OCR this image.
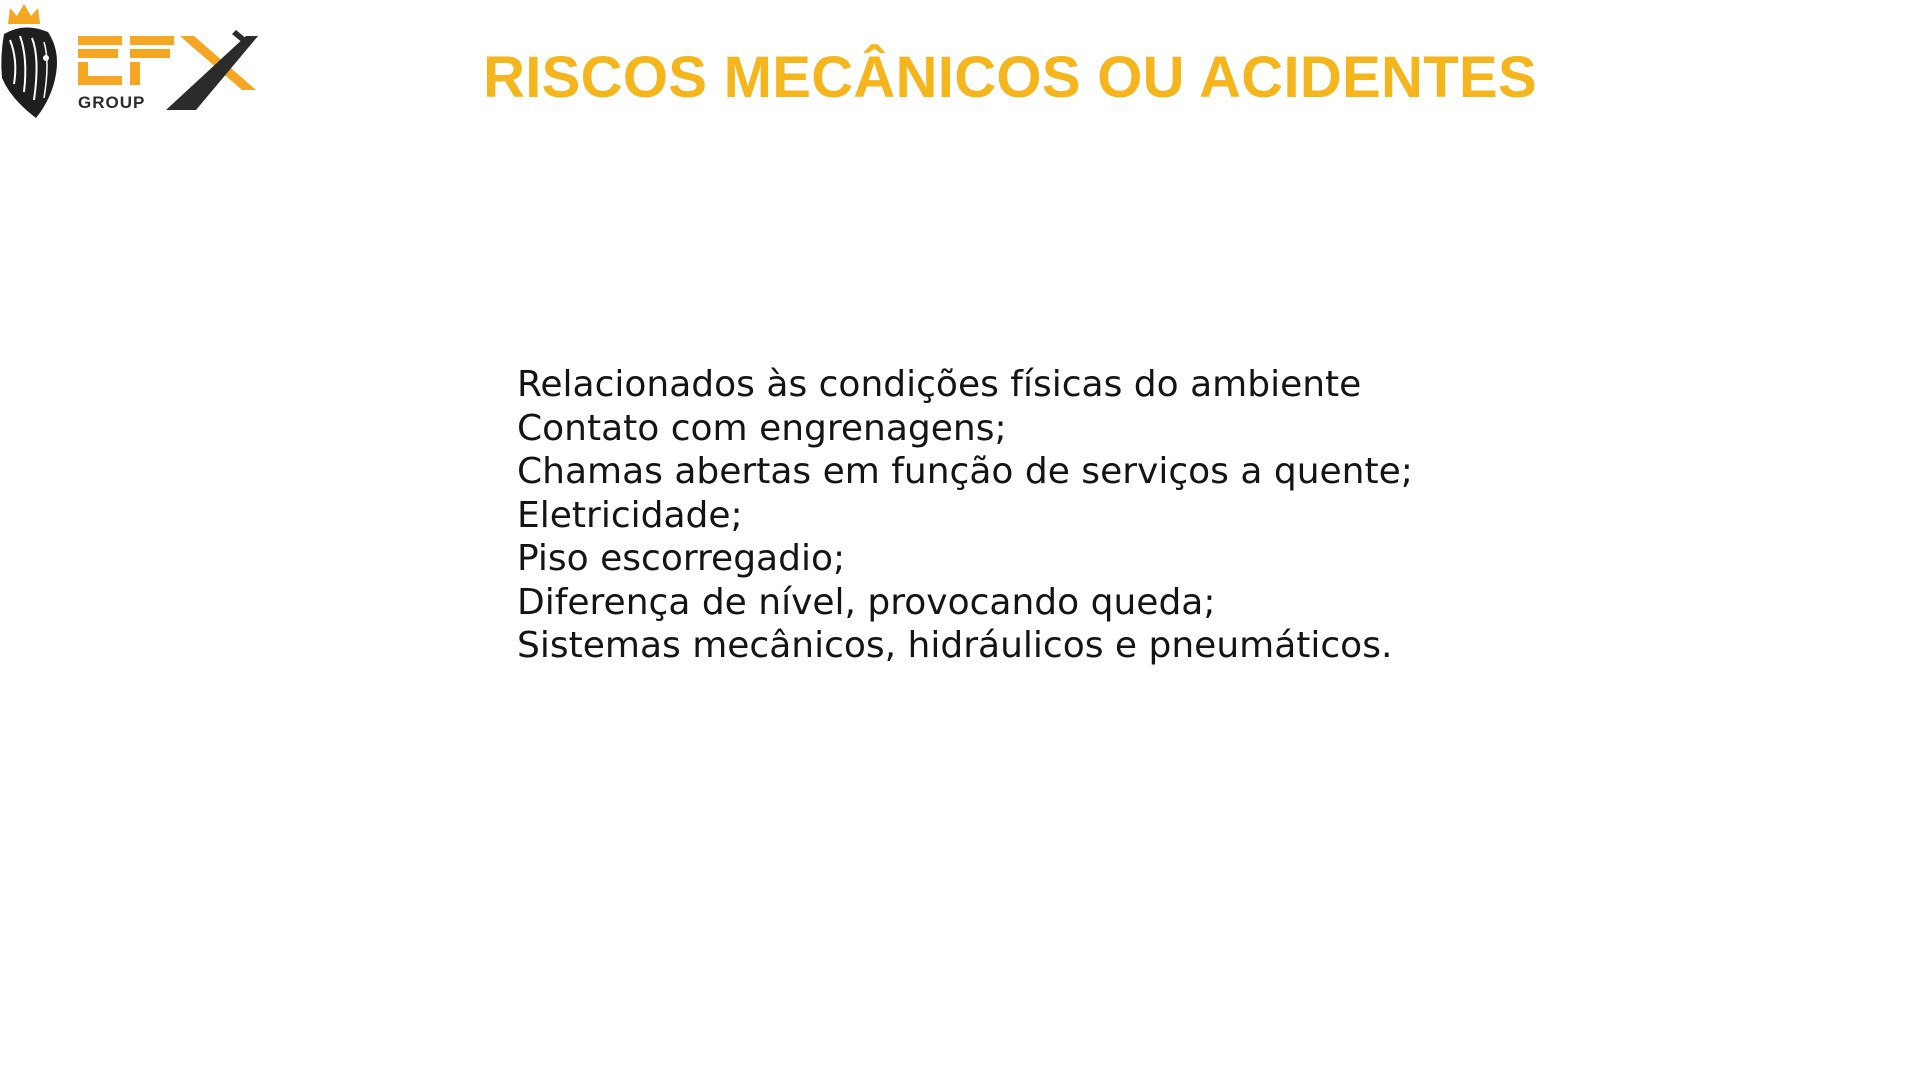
GROUP	RISCOS MECÂNICOS OU ACIDENTES
Relacionados às condições físicas do ambiente
Contato com engrenagens;
Chamas abertas em função de serviços a quente;
Eletricidade;
Piso escorregadio;
Diferença de nível, provocando queda;
Sistemas mecânicos, hidráulicos e pneumáticos.
